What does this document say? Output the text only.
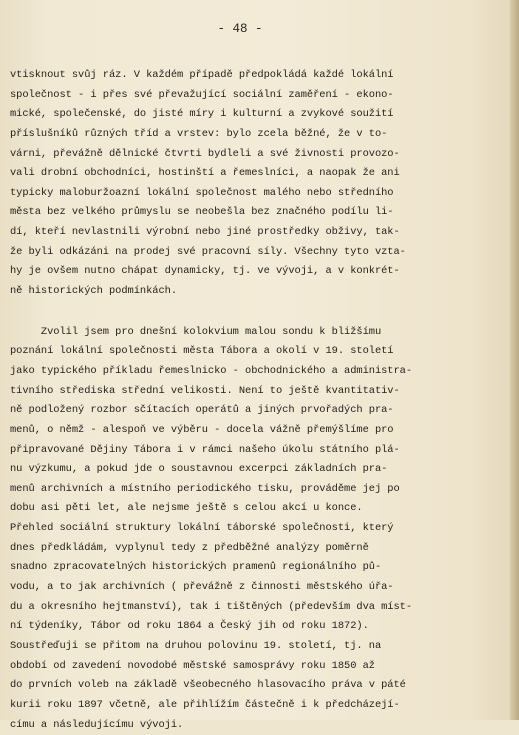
- 48 -
vtisknout svůj ráz. V každém případě předpokládá každé lokální
společnost - i přes své převažující sociální zaměření - ekono-
mické, společenské, do jisté míry i kulturní a zvykové soužití
příslušníků různých tříd a vrstev: bylo zcela běžné, že v to-
várni, převážně dělnické čtvrti bydleli a své živnosti provozo-
vali drobní obchodníci, hostinští a řemeslníci, a naopak že ani
typicky maloburžoazní lokální společnost malého nebo středního
města bez velkého průmyslu se neobešla bez značného podílu li-
dí, kteří nevlastnili výrobní nebo jiné prostředky obživy, tak-
že byli odkázáni na prodej své pracovní síly. Všechny tyto vzta-
hy je ovšem nutno chápat dynamicky, tj. ve vývoji, a v konkrét-
ně historických podmínkách.
Zvolil jsem pro dnešní kolokvium malou sondu k bližšímu
poznání lokální společnosti města Tábora a okolí v 19. století
jako typického příkladu řemeslnicko - obchodnického a administra-
tivního střediska střední velikosti. Není to ještě kvantitativ-
ně podložený rozbor sčítacích operátů a jiných prvořadých pra-
menů, o němž - alespoň ve výběru - docela vážně přemýšlíme pro
připravované Dějiny Tábora i v rámci našeho úkolu státního plá-
nu výzkumu, a pokud jde o soustavnou excerpci základních pra-
menů archivních a místního periodického tisku, prováděme jej po
dobu asi pěti let, ale nejsme ještě s celou akcí u konce.
Přehled sociální struktury lokální táborské společnosti, který
dnes předkládám, vyplynul tedy z předběžné analýzy poměrně
snadno zpracovatelných historických pramenů regionálního pů-
vodu, a to jak archivních ( převážně z činnosti městského úřa-
du a okresního hejtmanství), tak i tištěných (především dva míst-
ní týdeníky, Tábor od roku 1864 a Český jih od roku 1872).
Soustřeďuji se přitom na druhou polovinu 19. století, tj. na
období od zavedení novodobé městské samosprávy roku 1850 až
do prvních voleb na základě všeobecného hlasovacího práva v páté
kurii roku 1897 včetně, ale přihlížím částečně i k předcházejí-
címu a následujícímu vývoji.
